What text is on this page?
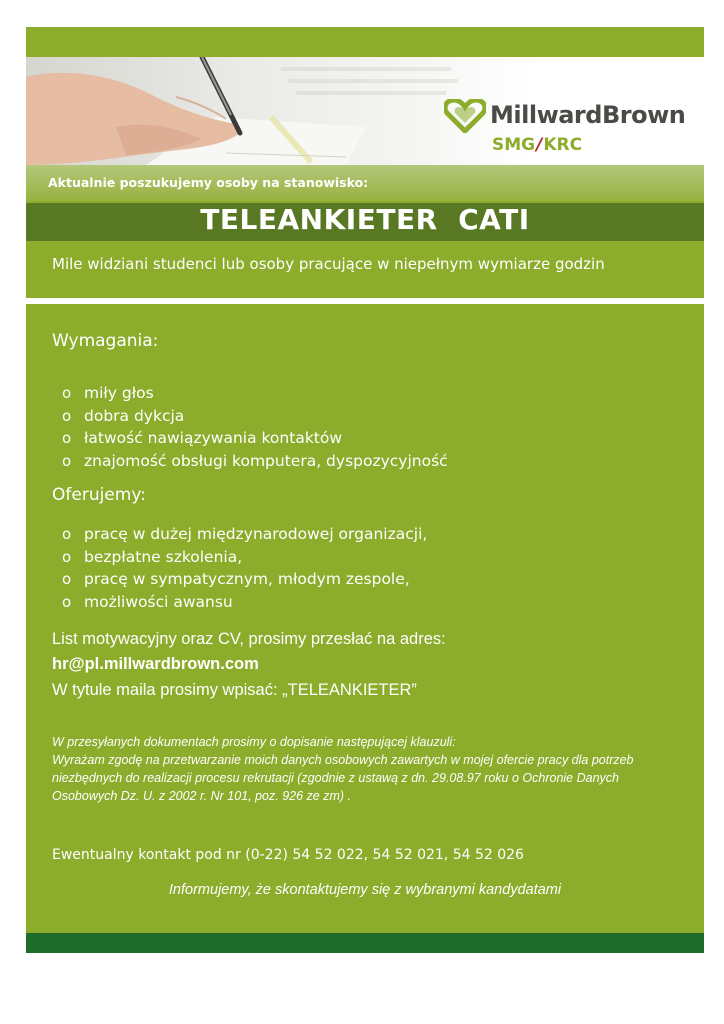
MillwardBrown
SMG/KRC
Aktualnie poszukujemy osoby na stanowisko:
TELEANKIETER  CATI
Mile widziani studenci lub osoby pracujące w niepełnym wymiarze godzin
Wymagania:
o miły głos
o dobra dykcja
o łatwość nawiązywania kontaktów
o znajomość obsługi komputera, dyspozycyjność
Oferujemy:
o pracę w dużej międzynarodowej organizacji,
o bezpłatne szkolenia,
o pracę w sympatycznym, młodym zespole,
o możliwości awansu
List motywacyjny oraz CV, prosimy przesłać na adres:
hr@pl.millwardbrown.com
W tytule maila prosimy wpisać: „TELEANKIETER”
W przesyłanych dokumentach prosimy o dopisanie następującej klauzuli:
Wyrażam zgodę na przetwarzanie moich danych osobowych zawartych w mojej ofercie pracy dla potrzeb
niezbędnych do realizacji procesu rekrutacji (zgodnie z ustawą z dn. 29.08.97 roku o Ochronie Danych
Osobowych Dz. U. z 2002 r. Nr 101, poz. 926 ze zm) .
Ewentualny kontakt pod nr (0-22) 54 52 022, 54 52 021, 54 52 026
Informujemy, że skontaktujemy się z wybranymi kandydatami
